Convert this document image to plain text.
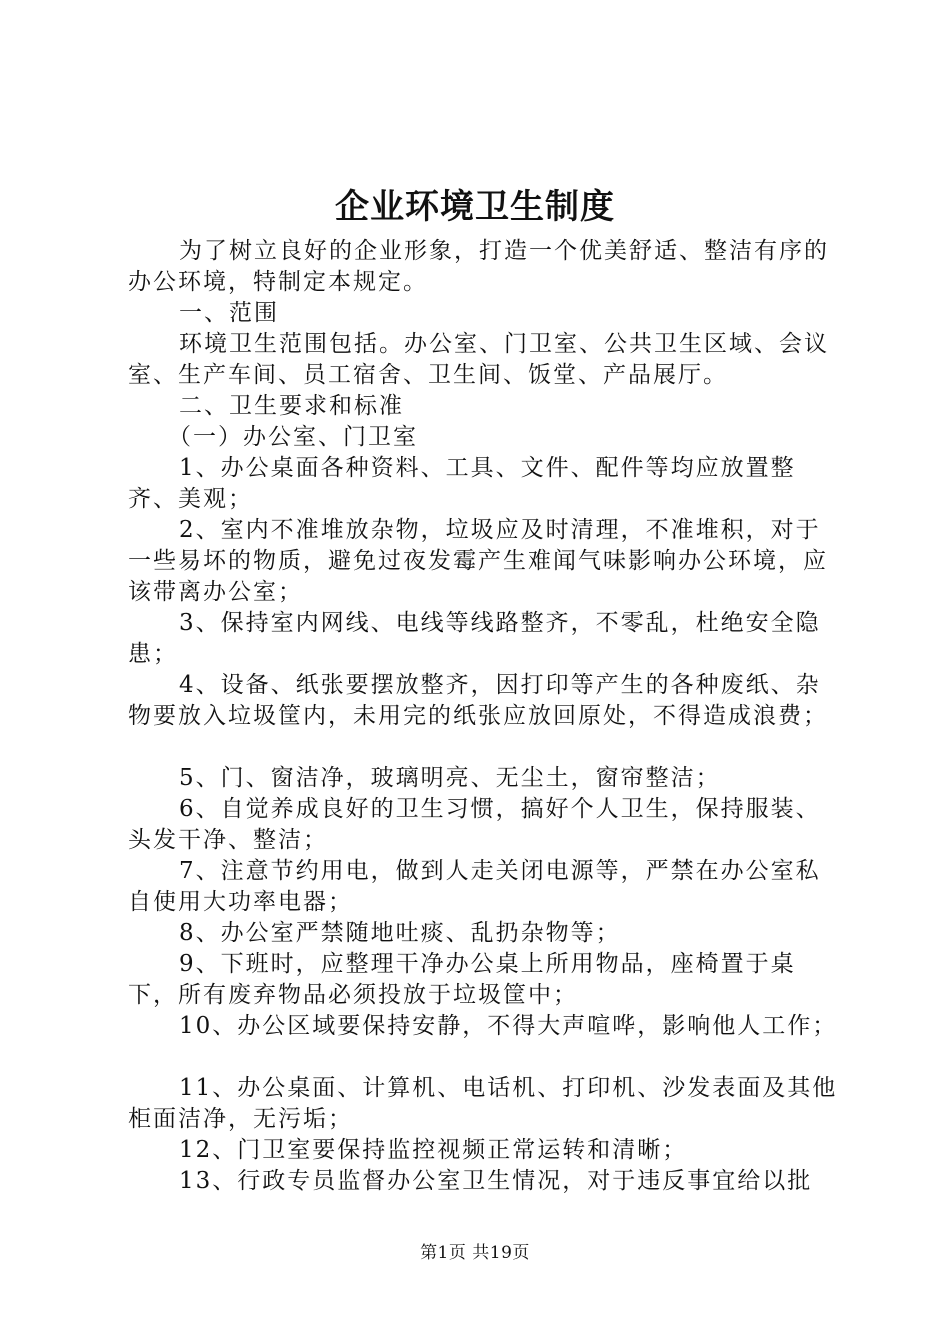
企业环境卫生制度

为了树立良好的企业形象，打造一个优美舒适、整洁有序的办公环境，特制定本规定。

一、范围

环境卫生范围包括。办公室、门卫室、公共卫生区域、会议室、生产车间、员工宿舍、卫生间、饭堂、产品展厅。

二、卫生要求和标准

（一）办公室、门卫室

1、办公桌面各种资料、工具、文件、配件等均应放置整齐、美观；

2、室内不准堆放杂物，垃圾应及时清理，不准堆积，对于一些易坏的物质，避免过夜发霉产生难闻气味影响办公环境，应该带离办公室；

3、保持室内网线、电线等线路整齐，不零乱，杜绝安全隐患；

4、设备、纸张要摆放整齐，因打印等产生的各种废纸、杂物要放入垃圾筐内，未用完的纸张应放回原处，不得造成浪费；

5、门、窗洁净，玻璃明亮、无尘土，窗帘整洁；

6、自觉养成良好的卫生习惯，搞好个人卫生，保持服装、头发干净、整洁；

7、注意节约用电，做到人走关闭电源等，严禁在办公室私自使用大功率电器；

8、办公室严禁随地吐痰、乱扔杂物等；

9、下班时，应整理干净办公桌上所用物品，座椅置于桌下，所有废弃物品必须投放于垃圾筐中；

10、办公区域要保持安静，不得大声喧哗，影响他人工作；

11、办公桌面、计算机、电话机、打印机、沙发表面及其他柜面洁净，无污垢；

12、门卫室要保持监控视频正常运转和清晰；

13、行政专员监督办公室卫生情况，对于违反事宜给以批

第1页 共19页
